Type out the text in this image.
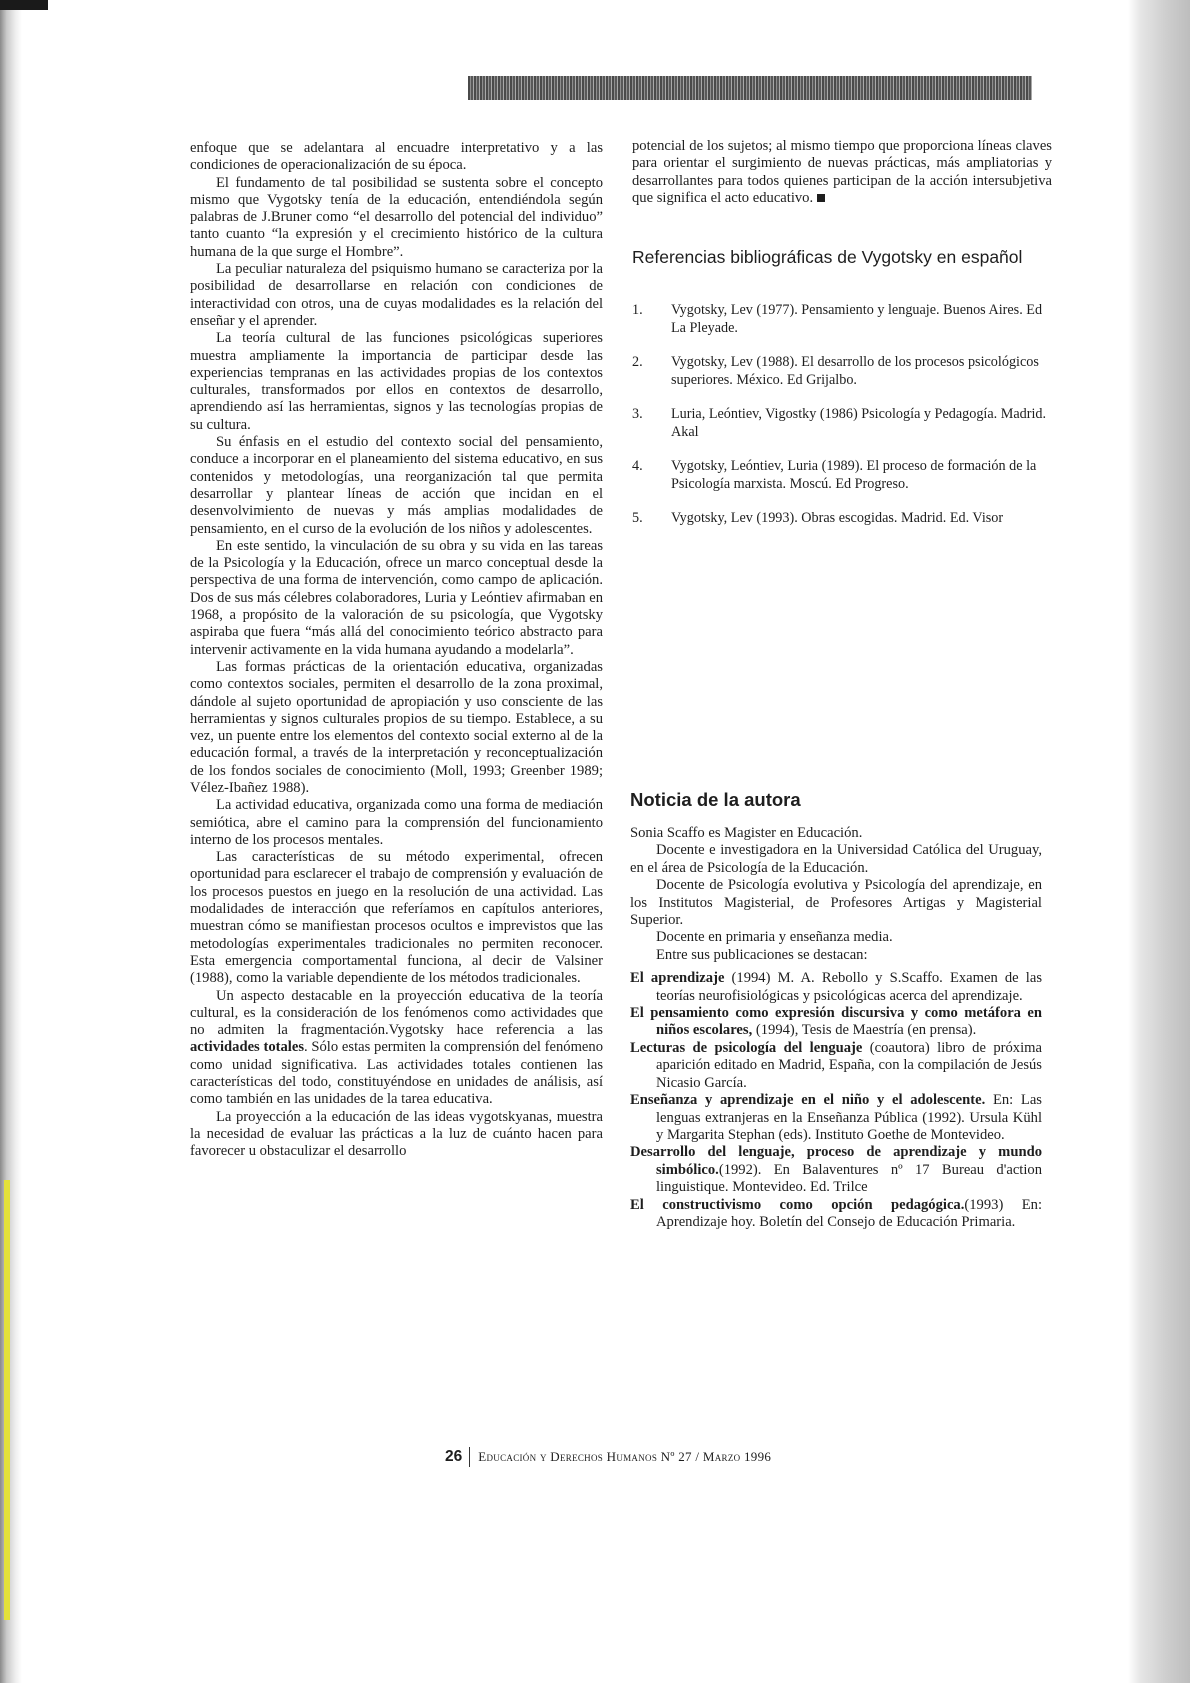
enfoque que se adelantara al encuadre interpretativo y a las condiciones de operacionalización de su época.

El fundamento de tal posibilidad se sustenta sobre el concepto mismo que Vygotsky tenía de la educación, entendiéndola según palabras de J.Bruner como “el desarrollo del potencial del individuo” tanto cuanto “la expresión y el crecimiento histórico de la cultura humana de la que surge el Hombre”.

La peculiar naturaleza del psiquismo humano se caracteriza por la posibilidad de desarrollarse en relación con condiciones de interactividad con otros, una de cuyas modalidades es la relación del enseñar y el aprender.

La teoría cultural de las funciones psicológicas superiores muestra ampliamente la importancia de participar desde las experiencias tempranas en las actividades propias de los contextos culturales, transformados por ellos en contextos de desarrollo, aprendiendo así las herramientas, signos y las tecnologías propias de su cultura.

Su énfasis en el estudio del contexto social del pensamiento, conduce a incorporar en el planeamiento del sistema educativo, en sus contenidos y metodologías, una reorganización tal que permita desarrollar y plantear líneas de acción que incidan en el desenvolvimiento de nuevas y más amplias modalidades de pensamiento, en el curso de la evolución de los niños y adolescentes.

En este sentido, la vinculación de su obra y su vida en las tareas de la Psicología y la Educación, ofrece un marco conceptual desde la perspectiva de una forma de intervención, como campo de aplicación. Dos de sus más célebres colaboradores, Luria y Leóntiev afirmaban en 1968, a propósito de la valoración de su psicología, que Vygotsky aspiraba que fuera “más allá del conocimiento teórico abstracto para intervenir activamente en la vida humana ayudando a modelarla”.

Las formas prácticas de la orientación educativa, organizadas como contextos sociales, permiten el desarrollo de la zona proximal, dándole al sujeto oportunidad de apropiación y uso consciente de las herramientas y signos culturales propios de su tiempo. Establece, a su vez, un puente entre los elementos del contexto social externo al de la educación formal, a través de la interpretación y reconceptualización de los fondos sociales de conocimiento (Moll, 1993; Greenber 1989; Vélez-Ibañez 1988).

La actividad educativa, organizada como una forma de mediación semiótica, abre el camino para la comprensión del funcionamiento interno de los procesos mentales.

Las características de su método experimental, ofrecen oportunidad para esclarecer el trabajo de comprensión y evaluación de los procesos puestos en juego en la resolución de una actividad. Las modalidades de interacción que referíamos en capítulos anteriores, muestran cómo se manifiestan procesos ocultos e imprevistos que las metodologías experimentales tradicionales no permiten reconocer. Esta emergencia comportamental funciona, al decir de Valsiner (1988), como la variable dependiente de los métodos tradicionales.

Un aspecto destacable en la proyección educativa de la teoría cultural, es la consideración de los fenómenos como actividades que no admiten la fragmentación.Vygotsky hace referencia a las actividades totales. Sólo estas permiten la comprensión del fenómeno como unidad significativa. Las actividades totales contienen las características del todo, constituyéndose en unidades de análisis, así como también en las unidades de la tarea educativa.

La proyección a la educación de las ideas vygotskyanas, muestra la necesidad de evaluar las prácticas a la luz de cuánto hacen para favorecer u obstaculizar el desarrollo

potencial de los sujetos; al mismo tiempo que proporciona líneas claves para orientar el surgimiento de nuevas prácticas, más ampliatorias y desarrollantes para todos quienes participan de la acción intersubjetiva que significa el acto educativo.

Referencias bibliográficas de Vygotsky en español
1.	Vygotsky, Lev (1977). Pensamiento y lenguaje. Buenos Aires. Ed La Pleyade.
2.	Vygotsky, Lev (1988). El desarrollo de los procesos psicológicos superiores. México. Ed Grijalbo.
3.	Luria, Leóntiev, Vigostky (1986) Psicología y Pedagogía. Madrid. Akal
4.	Vygotsky, Leóntiev, Luria (1989). El proceso de formación de la Psicología marxista. Moscú. Ed Progreso.
5.	Vygotsky, Lev (1993). Obras escogidas. Madrid. Ed. Visor
Noticia de la autora

Sonia Scaffo es Magister en Educación.

Docente e investigadora en la Universidad Católica del Uruguay, en el área de Psicología de la Educación.

Docente de Psicología evolutiva y Psicología del aprendizaje, en los Institutos Magisterial, de Profesores Artigas y Magisterial Superior.

Docente en primaria y enseñanza media.

Entre sus publicaciones se destacan:

El aprendizaje (1994) M. A. Rebollo y S.Scaffo. Examen de las teorías neurofisiológicas y psicológicas acerca del aprendizaje.

El pensamiento como expresión discursiva y como metáfora en niños escolares, (1994), Tesis de Maestría (en prensa).

Lecturas de psicología del lenguaje (coautora) libro de próxima aparición editado en Madrid, España, con la compilación de Jesús Nicasio García.

Enseñanza y aprendizaje en el niño y el adolescente. En: Las lenguas extranjeras en la Enseñanza Pública (1992). Ursula Kühl y Margarita Stephan (eds). Instituto Goethe de Montevideo.

Desarrollo del lenguaje, proceso de aprendizaje y mundo simbólico.(1992). En Balaventures nº 17 Bureau d'action linguistique. Montevideo. Ed. Trilce

El constructivismo como opción pedagógica.(1993) En: Aprendizaje hoy. Boletín del Consejo de Educación Primaria.

26 Educación y Derechos Humanos Nº 27 / Marzo 1996
